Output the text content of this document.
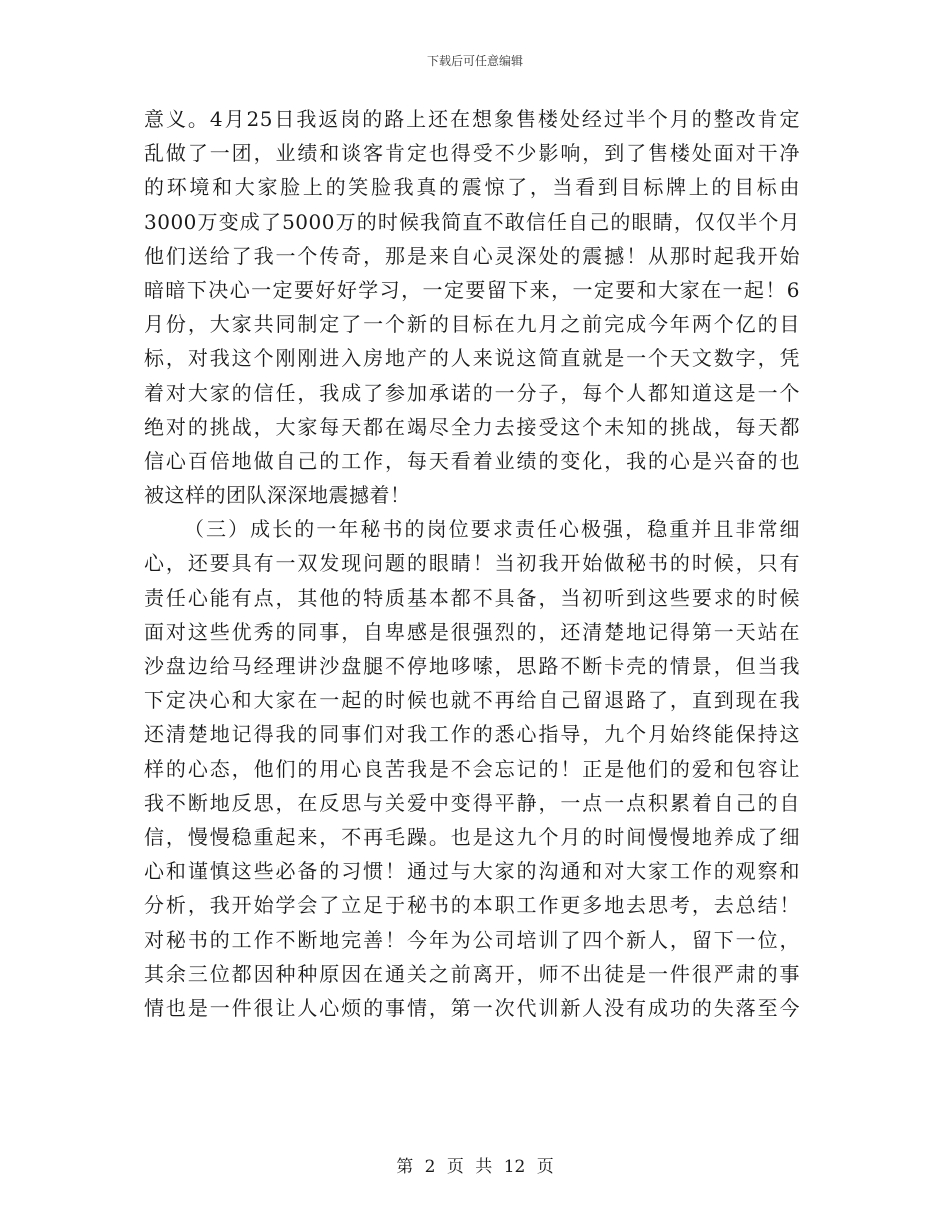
下载后可任意编辑
意义。4月25日我返岗的路上还在想象售楼处经过半个月的整改肯定
乱做了一团，业绩和谈客肯定也得受不少影响，到了售楼处面对干净
的环境和大家脸上的笑脸我真的震惊了，当看到目标牌上的目标由
3000万变成了5000万的时候我简直不敢信任自己的眼睛，仅仅半个月
他们送给了我一个传奇，那是来自心灵深处的震撼！从那时起我开始
暗暗下决心一定要好好学习，一定要留下来，一定要和大家在一起！6
月份，大家共同制定了一个新的目标在九月之前完成今年两个亿的目
标，对我这个刚刚进入房地产的人来说这简直就是一个天文数字，凭
着对大家的信任，我成了参加承诺的一分子，每个人都知道这是一个
绝对的挑战，大家每天都在竭尽全力去接受这个未知的挑战，每天都
信心百倍地做自己的工作，每天看着业绩的变化，我的心是兴奋的也
被这样的团队深深地震撼着！
（三）成长的一年秘书的岗位要求责任心极强，稳重并且非常细
心，还要具有一双发现问题的眼睛！当初我开始做秘书的时候，只有
责任心能有点，其他的特质基本都不具备，当初听到这些要求的时候
面对这些优秀的同事，自卑感是很强烈的，还清楚地记得第一天站在
沙盘边给马经理讲沙盘腿不停地哆嗦，思路不断卡壳的情景，但当我
下定决心和大家在一起的时候也就不再给自己留退路了，直到现在我
还清楚地记得我的同事们对我工作的悉心指导，九个月始终能保持这
样的心态，他们的用心良苦我是不会忘记的！正是他们的爱和包容让
我不断地反思，在反思与关爱中变得平静，一点一点积累着自己的自
信，慢慢稳重起来，不再毛躁。也是这九个月的时间慢慢地养成了细
心和谨慎这些必备的习惯！通过与大家的沟通和对大家工作的观察和
分析，我开始学会了立足于秘书的本职工作更多地去思考，去总结！
对秘书的工作不断地完善！今年为公司培训了四个新人，留下一位，
其余三位都因种种原因在通关之前离开，师不出徒是一件很严肃的事
情也是一件很让人心烦的事情，第一次代训新人没有成功的失落至今
第 2 页 共 12 页
